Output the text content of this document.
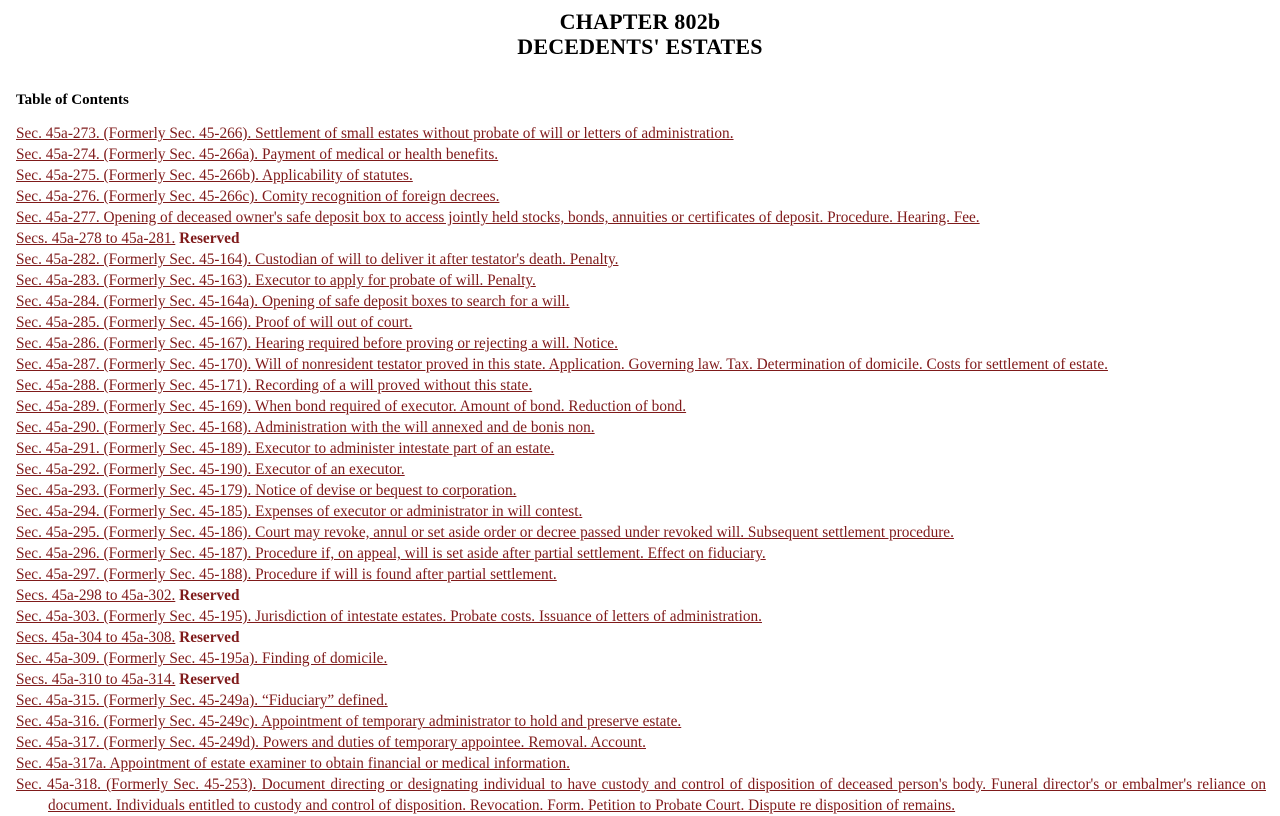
CHAPTER 802b
DECEDENTS' ESTATES
Table of Contents
Sec. 45a-273. (Formerly Sec. 45-266). Settlement of small estates without probate of will or letters of administration.
Sec. 45a-274. (Formerly Sec. 45-266a). Payment of medical or health benefits.
Sec. 45a-275. (Formerly Sec. 45-266b). Applicability of statutes.
Sec. 45a-276. (Formerly Sec. 45-266c). Comity recognition of foreign decrees.
Sec. 45a-277. Opening of deceased owner's safe deposit box to access jointly held stocks, bonds, annuities or certificates of deposit. Procedure. Hearing. Fee.
Secs. 45a-278 to 45a-281. Reserved
Sec. 45a-282. (Formerly Sec. 45-164). Custodian of will to deliver it after testator's death. Penalty.
Sec. 45a-283. (Formerly Sec. 45-163). Executor to apply for probate of will. Penalty.
Sec. 45a-284. (Formerly Sec. 45-164a). Opening of safe deposit boxes to search for a will.
Sec. 45a-285. (Formerly Sec. 45-166). Proof of will out of court.
Sec. 45a-286. (Formerly Sec. 45-167). Hearing required before proving or rejecting a will. Notice.
Sec. 45a-287. (Formerly Sec. 45-170). Will of nonresident testator proved in this state. Application. Governing law. Tax. Determination of domicile. Costs for settlement of estate.
Sec. 45a-288. (Formerly Sec. 45-171). Recording of a will proved without this state.
Sec. 45a-289. (Formerly Sec. 45-169). When bond required of executor. Amount of bond. Reduction of bond.
Sec. 45a-290. (Formerly Sec. 45-168). Administration with the will annexed and de bonis non.
Sec. 45a-291. (Formerly Sec. 45-189). Executor to administer intestate part of an estate.
Sec. 45a-292. (Formerly Sec. 45-190). Executor of an executor.
Sec. 45a-293. (Formerly Sec. 45-179). Notice of devise or bequest to corporation.
Sec. 45a-294. (Formerly Sec. 45-185). Expenses of executor or administrator in will contest.
Sec. 45a-295. (Formerly Sec. 45-186). Court may revoke, annul or set aside order or decree passed under revoked will. Subsequent settlement procedure.
Sec. 45a-296. (Formerly Sec. 45-187). Procedure if, on appeal, will is set aside after partial settlement. Effect on fiduciary.
Sec. 45a-297. (Formerly Sec. 45-188). Procedure if will is found after partial settlement.
Secs. 45a-298 to 45a-302. Reserved
Sec. 45a-303. (Formerly Sec. 45-195). Jurisdiction of intestate estates. Probate costs. Issuance of letters of administration.
Secs. 45a-304 to 45a-308. Reserved
Sec. 45a-309. (Formerly Sec. 45-195a). Finding of domicile.
Secs. 45a-310 to 45a-314. Reserved
Sec. 45a-315. (Formerly Sec. 45-249a). “Fiduciary” defined.
Sec. 45a-316. (Formerly Sec. 45-249c). Appointment of temporary administrator to hold and preserve estate.
Sec. 45a-317. (Formerly Sec. 45-249d). Powers and duties of temporary appointee. Removal. Account.
Sec. 45a-317a. Appointment of estate examiner to obtain financial or medical information.
Sec. 45a-318. (Formerly Sec. 45-253). Document directing or designating individual to have custody and control of disposition of deceased person's body. Funeral director's or embalmer's reliance on document. Individuals entitled to custody and control of disposition. Revocation. Form. Petition to Probate Court. Dispute re disposition of remains.
